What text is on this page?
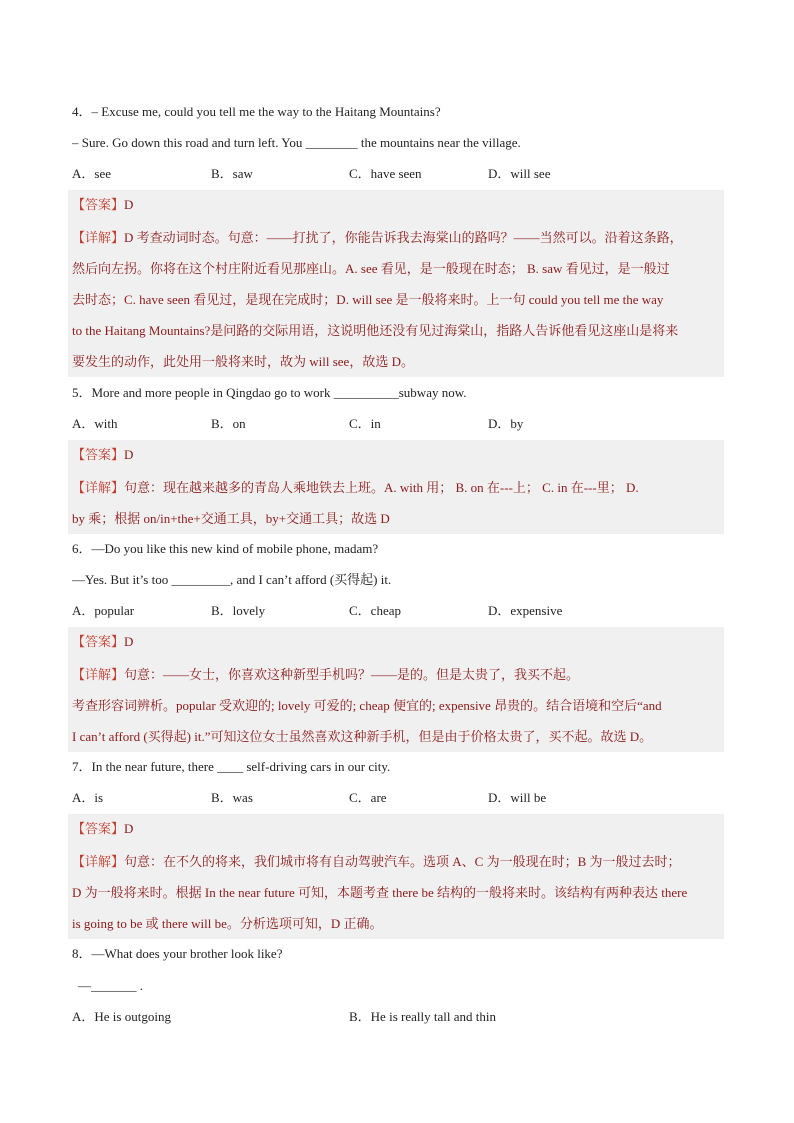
4．– Excuse me, could you tell me the way to the Haitang Mountains?
– Sure. Go down this road and turn left. You ________ the mountains near the village.
A．see	B．saw	C．have seen	D．will see
【答案】D
【详解】D 考查动词时态。句意：——打扰了，你能告诉我去海棠山的路吗？——当然可以。沿着这条路，
然后向左拐。你将在这个村庄附近看见那座山。A. see 看见，是一般现在时态； B. saw 看见过，是一般过
去时态；C. have seen 看见过，是现在完成时；D. will see 是一般将来时。上一句 could you tell me the way
to the Haitang Mountains?是问路的交际用语，这说明他还没有见过海棠山，指路人告诉他看见这座山是将来
要发生的动作，此处用一般将来时，故为 will see，故选 D。
5．More and more people in Qingdao go to work __________subway now.
A．with	B．on	C．in	D．by
【答案】D
【详解】句意：现在越来越多的青岛人乘地铁去上班。A. with 用； B. on 在---上； C. in 在---里； D.
by 乘；根据 on/in+the+交通工具，by+交通工具；故选 D
6．—Do you like this new kind of mobile phone, madam?
—Yes. But it’s too _________, and I can’t afford (买得起) it.
A．popular	B．lovely	C．cheap	D．expensive
【答案】D
【详解】句意：——女士，你喜欢这种新型手机吗？——是的。但是太贵了，我买不起。
考查形容词辨析。popular 受欢迎的; lovely 可爱的; cheap 便宜的; expensive 昂贵的。结合语境和空后“and
I can’t afford (买得起) it.”可知这位女士虽然喜欢这种新手机，但是由于价格太贵了，买不起。故选 D。
7．In the near future, there ____ self-driving cars in our city.
A．is	B．was	C．are	D．will be
【答案】D
【详解】句意：在不久的将来，我们城市将有自动驾驶汽车。选项 A、C 为一般现在时；B 为一般过去时；
D 为一般将来时。根据 In the near future 可知，本题考查 there be 结构的一般将来时。该结构有两种表达 there
is going to be 或 there will be。分析选项可知，D 正确。
8．—What does your brother look like?
—_______ .
A．He is outgoing	B．He is really tall and thin
